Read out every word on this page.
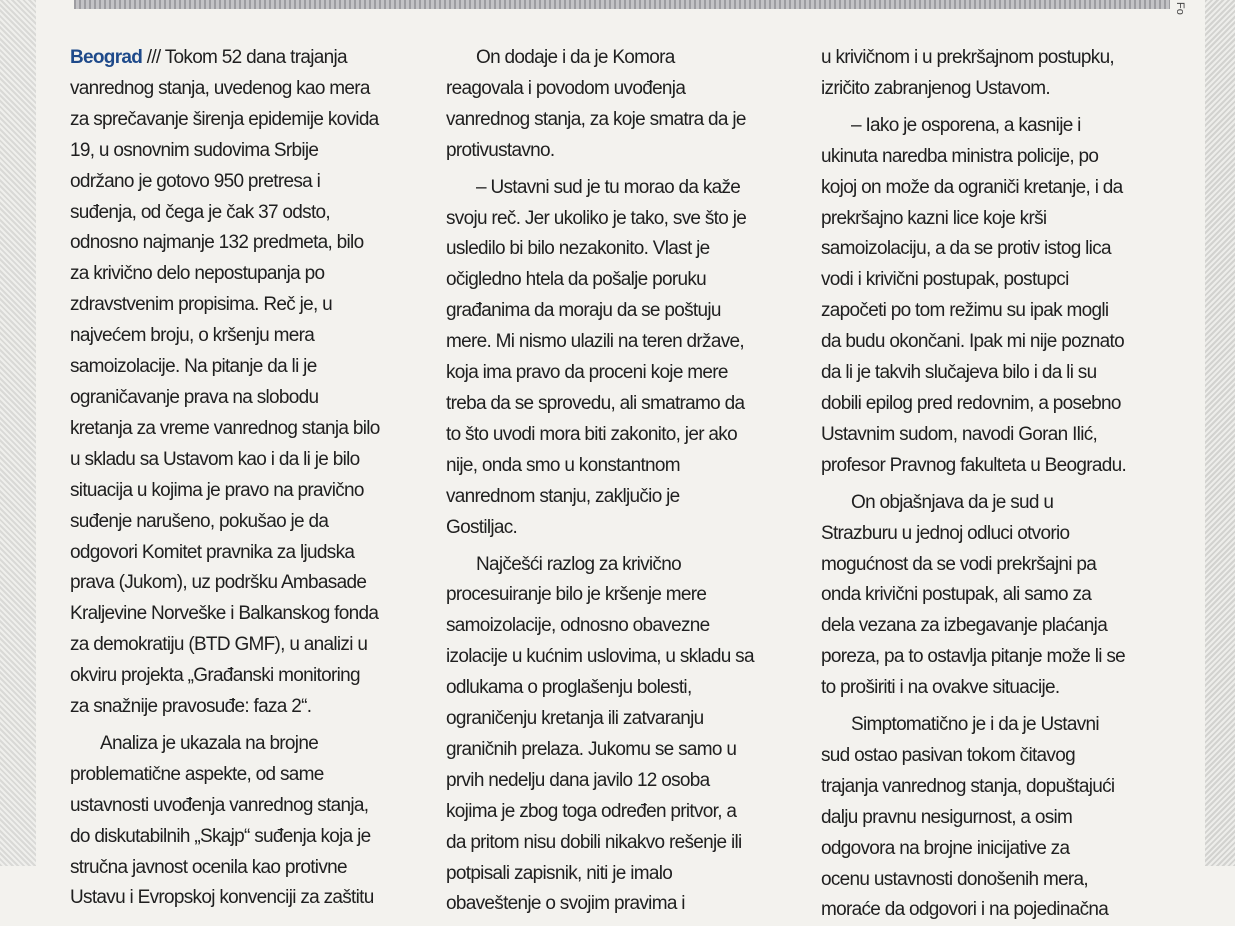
Fo
Beograd /// Tokom 52 dana trajanja
vanrednog stanja, uvedenog kao mera
za sprečavanje širenja epidemije kovida
19, u osnovnim sudovima Srbije
održano je gotovo 950 pretresa i
suđenja, od čega je čak 37 odsto,
odnosno najmanje 132 predmeta, bilo
za krivično delo nepostupanja po
zdravstvenim propisima. Reč je, u
najvećem broju, o kršenju mera
samoizolacije. Na pitanje da li je
ograničavanje prava na slobodu
kretanja za vreme vanrednog stanja bilo
u skladu sa Ustavom kao i da li je bilo
situacija u kojima je pravo na pravično
suđenje narušeno, pokušao je da
odgovori Komitet pravnika za ljudska
prava (Jukom), uz podršku Ambasade
Kraljevine Norveške i Balkanskog fonda
za demokratiju (BTD GMF), u analizi u
okviru projekta „Građanski monitoring
za snažnije pravosuđe: faza 2“.
Analiza je ukazala na brojne
problematične aspekte, od same
ustavnosti uvođenja vanrednog stanja,
do diskutabilnih „Skajp“ suđenja koja je
stručna javnost ocenila kao protivne
Ustavu i Evropskoj konvenciji za zaštitu
On dodaje i da je Komora
reagovala i povodom uvođenja
vanrednog stanja, za koje smatra da je
protivustavno.
– Ustavni sud je tu morao da kaže
svoju reč. Jer ukoliko je tako, sve što je
usledilo bi bilo nezakonito. Vlast je
očigledno htela da pošalje poruku
građanima da moraju da se poštuju
mere. Mi nismo ulazili na teren države,
koja ima pravo da proceni koje mere
treba da se sprovedu, ali smatramo da
to što uvodi mora biti zakonito, jer ako
nije, onda smo u konstantnom
vanrednom stanju, zaključio je
Gostiljac.
Najčešći razlog za krivično
procesuiranje bilo je kršenje mere
samoizolacije, odnosno obavezne
izolacije u kućnim uslovima, u skladu sa
odlukama o proglašenju bolesti,
ograničenju kretanja ili zatvaranju
graničnih prelaza. Jukomu se samo u
prvih nedelju dana javilo 12 osoba
kojima je zbog toga određen pritvor, a
da pritom nisu dobili nikakvo rešenje ili
potpisali zapisnik, niti je imalo
obaveštenje o svojim pravima i
u krivičnom i u prekršajnom postupku,
izričito zabranjenog Ustavom.
– Iako je osporena, a kasnije i
ukinuta naredba ministra policije, po
kojoj on može da ograniči kretanje, i da
prekršajno kazni lice koje krši
samoizolaciju, a da se protiv istog lica
vodi i krivični postupak, postupci
započeti po tom režimu su ipak mogli
da budu okončani. Ipak mi nije poznato
da li je takvih slučajeva bilo i da li su
dobili epilog pred redovnim, a posebno
Ustavnim sudom, navodi Goran Ilić,
profesor Pravnog fakulteta u Beogradu.
On objašnjava da je sud u
Strazburu u jednoj odluci otvorio
mogućnost da se vodi prekršajni pa
onda krivični postupak, ali samo za
dela vezana za izbegavanje plaćanja
poreza, pa to ostavlja pitanje može li se
to proširiti i na ovakve situacije.
Simptomatično je i da je Ustavni
sud ostao pasivan tokom čitavog
trajanja vanrednog stanja, dopuštajući
dalju pravnu nesigurnost, a osim
odgovora na brojne inicijative za
ocenu ustavnosti donošenih mera,
moraće da odgovori i na pojedinačna
